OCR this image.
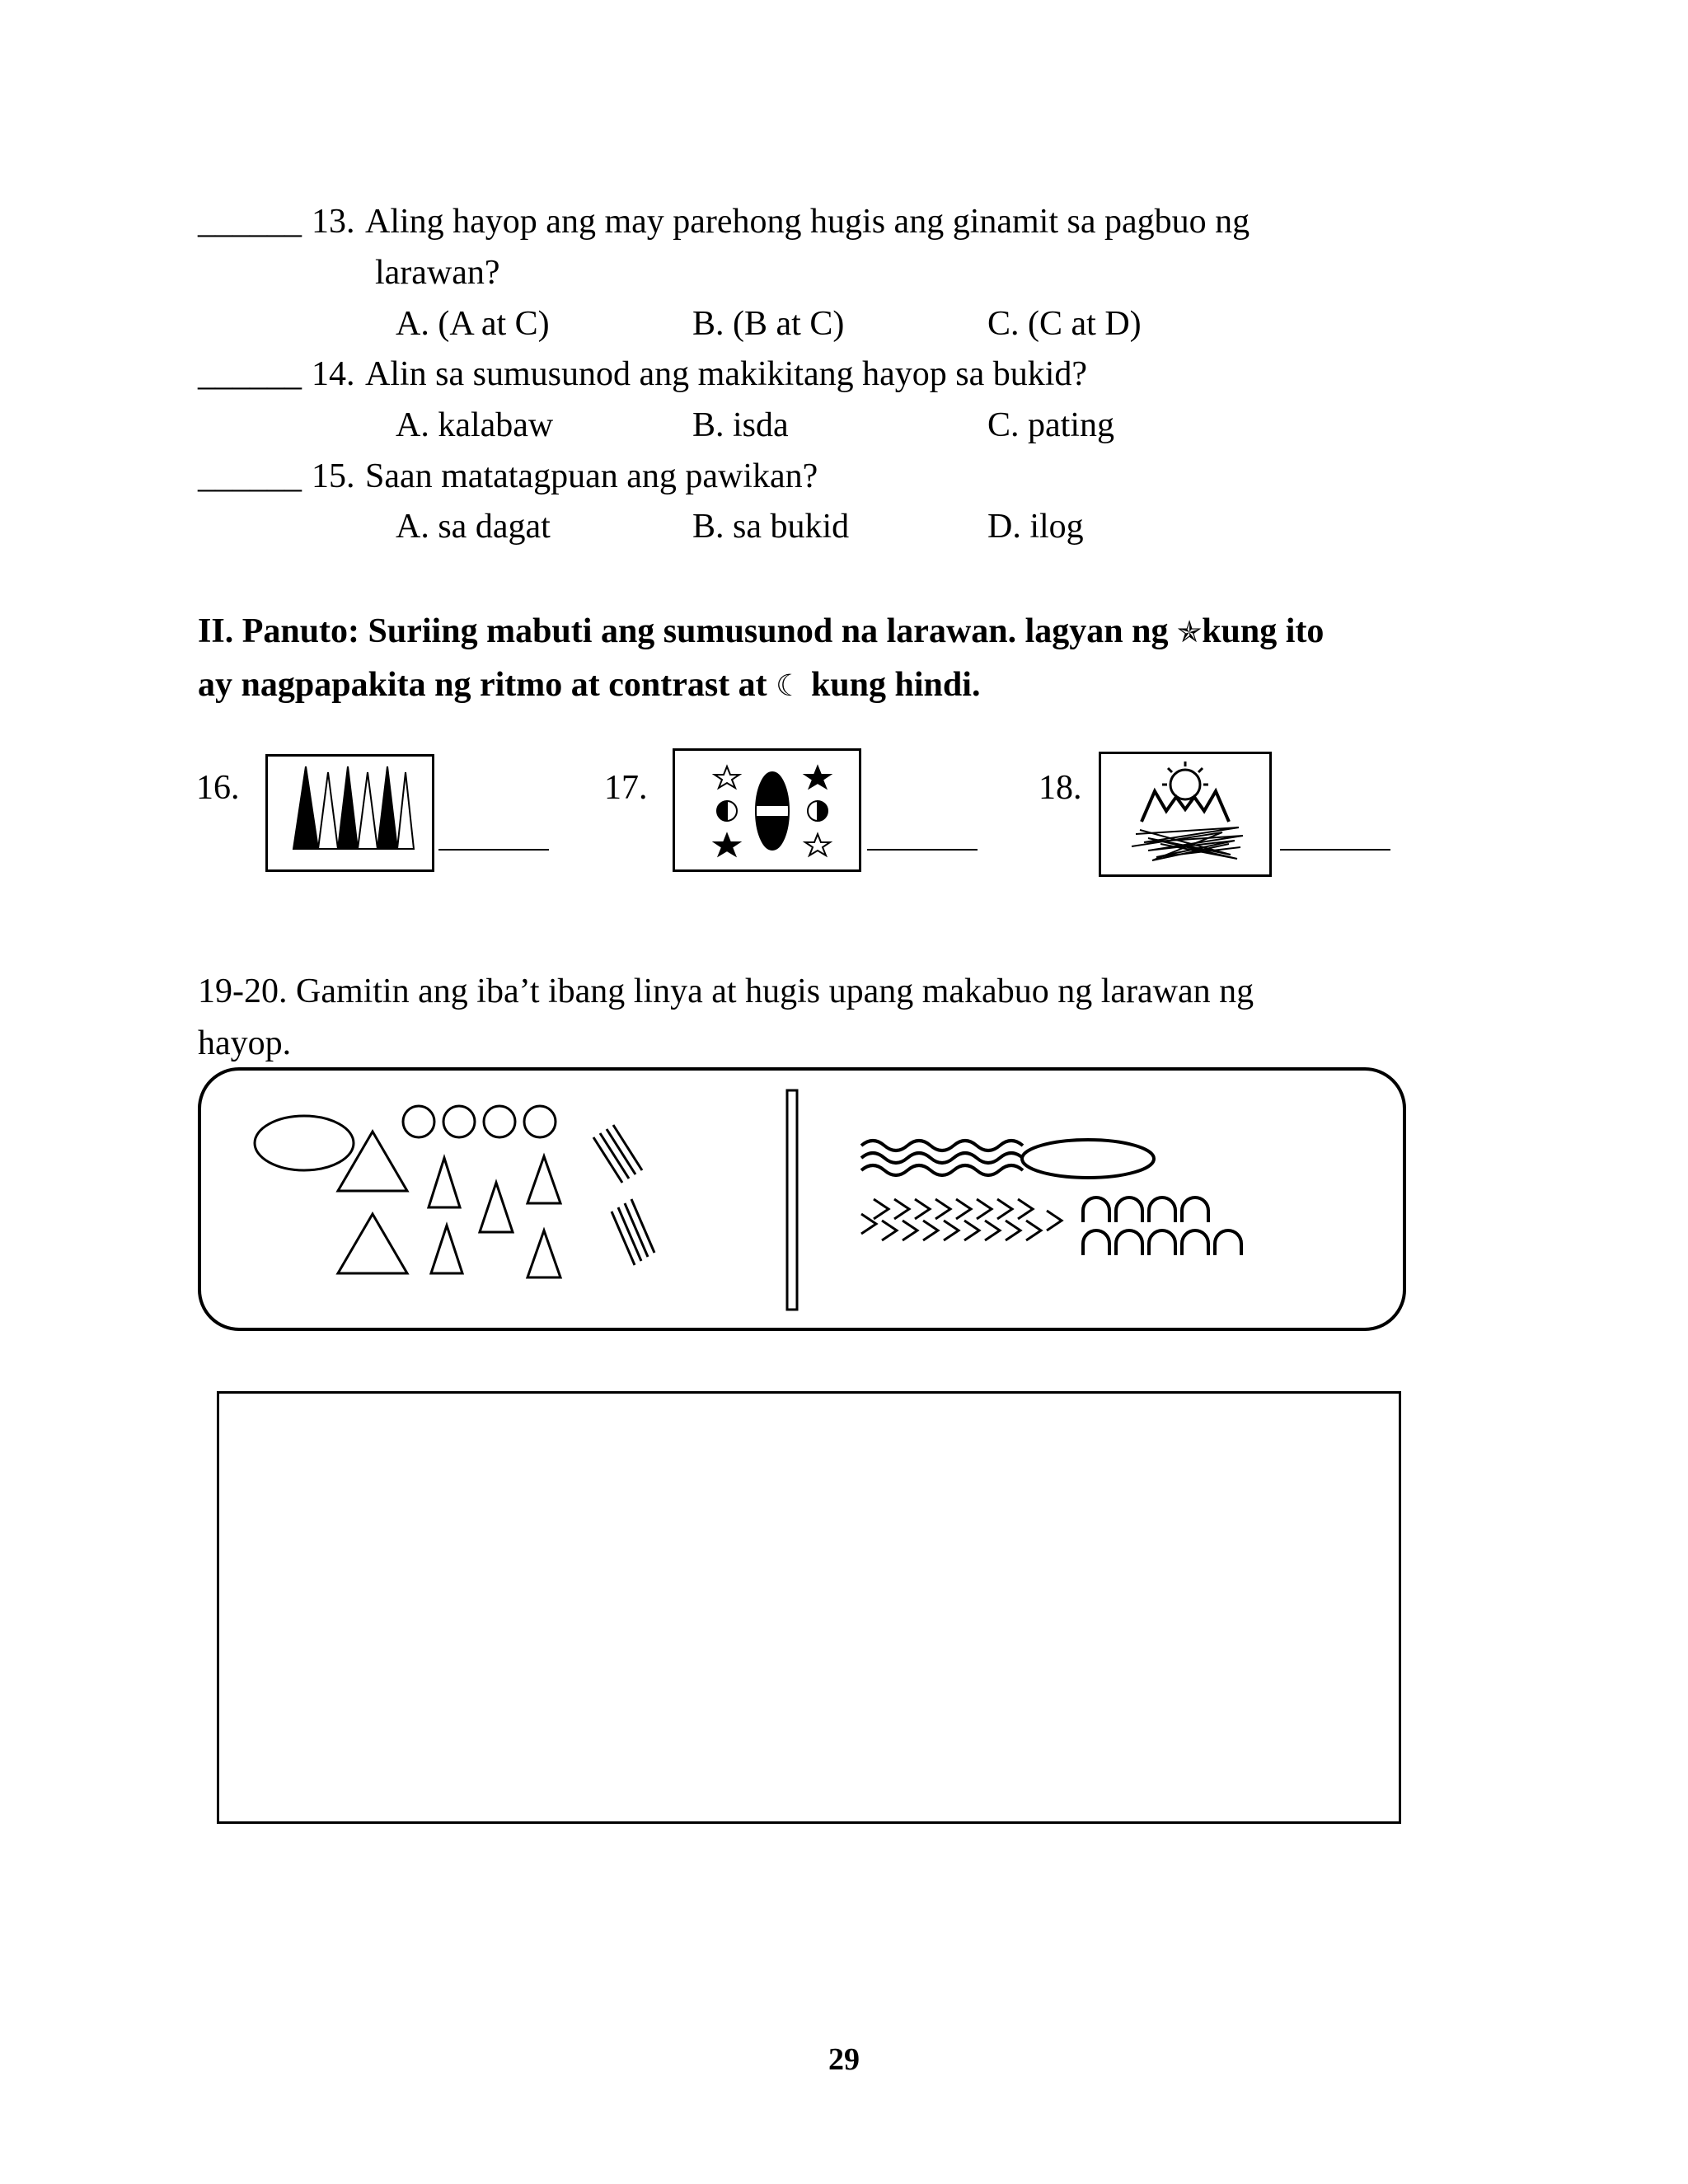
______ 13. Aling hayop ang may parehong hugis ang ginamit sa pagbuo ng
larawan?
A. (A at C)	B. (B at C)	C. (C at D)
______ 14. Alin sa sumusunod ang makikitang hayop sa bukid?
A. kalabaw	B. isda	C. pating
______ 15. Saan matatagpuan ang pawikan?
A. sa dagat	B. sa bukid	D. ilog
II. Panuto: Suriing mabuti ang sumusunod na larawan. lagyan ng ✯kung ito
ay nagpapakita ng ritmo at contrast at ☾ kung hindi.
16.	17.	18.
19-20. Gamitin ang iba’t ibang linya at hugis upang makabuo ng larawan ng
hayop.
29
